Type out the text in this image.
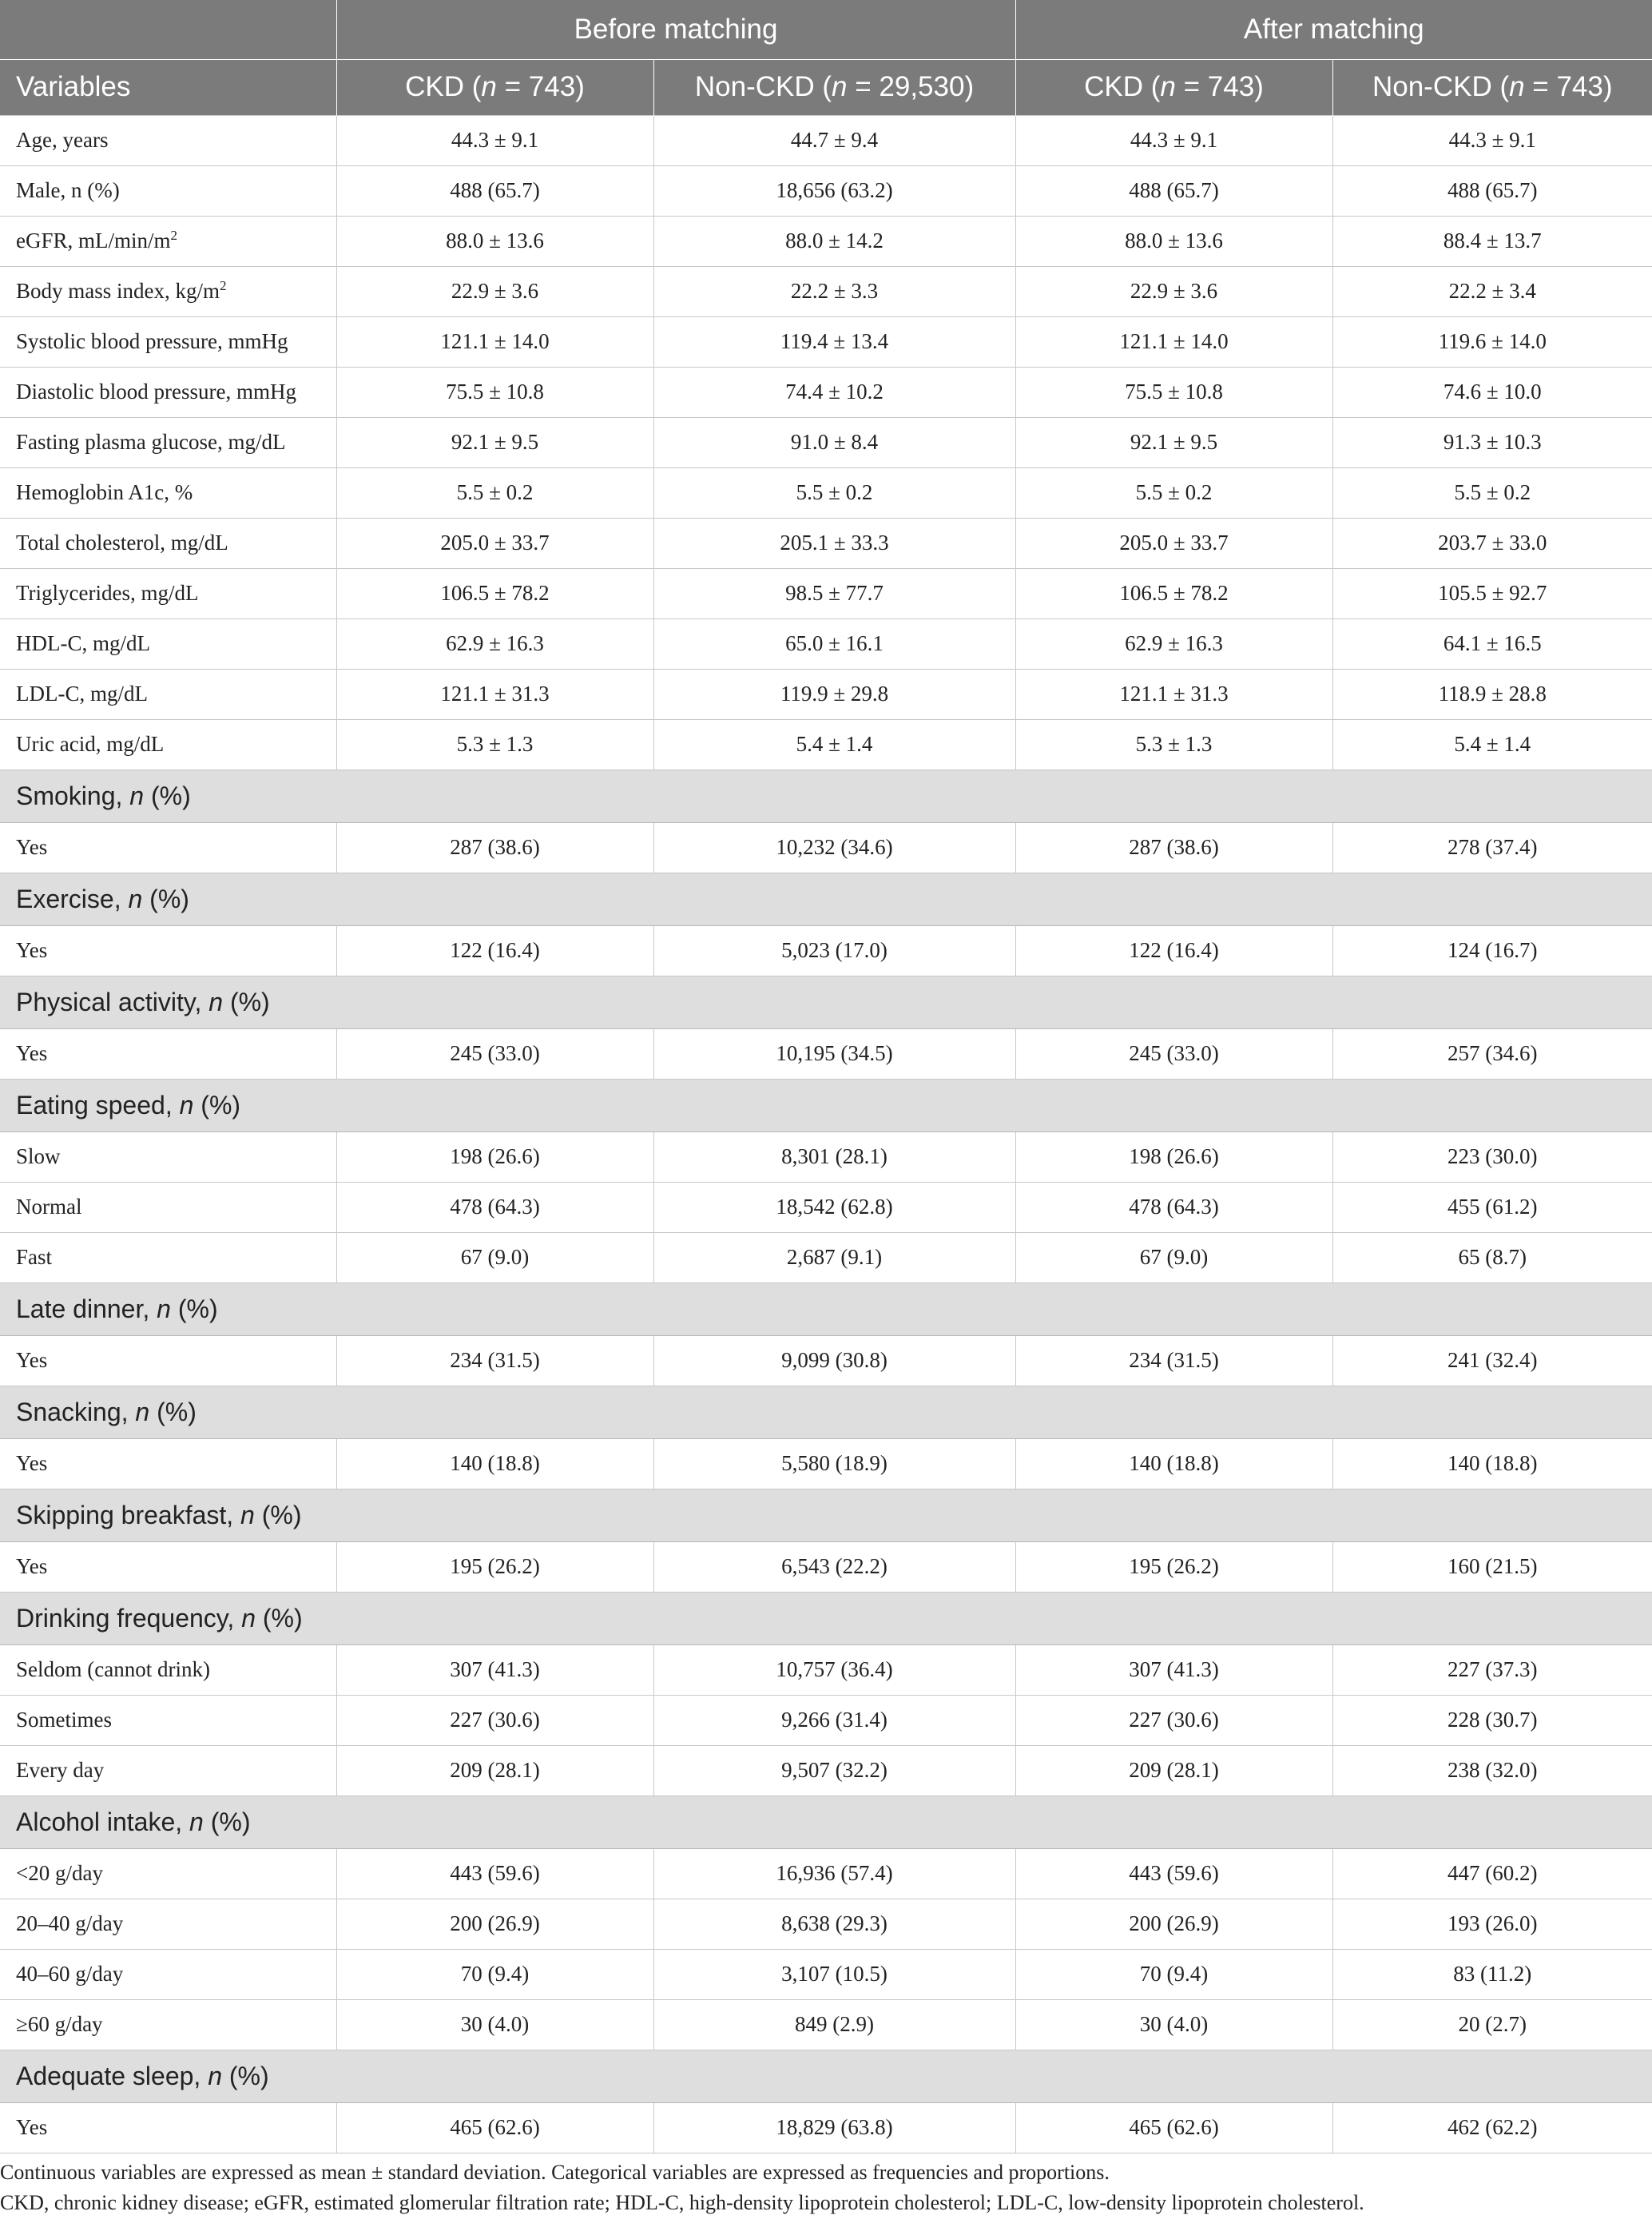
	Before matching		After matching	
Variables	CKD (n = 743)	Non-CKD (n = 29,530)	CKD (n = 743)	Non-CKD (n = 743)
Age, years	44.3 ± 9.1	44.7 ± 9.4	44.3 ± 9.1	44.3 ± 9.1
Male, n (%)	488 (65.7)	18,656 (63.2)	488 (65.7)	488 (65.7)
eGFR, $mL/\min/m^2$	88.0 ± 13.6	88.0 ± 14.2	88.0 ± 13.6	88.4 ± 13.7
Body mass index, $kg/m^2$	22.9 ± 3.6	22.2 ± 3.3	22.9 ± 3.6	22.2 ± 3.4
Systolic blood pressure, mmHg	121.1 ± 14.0	119.4 ± 13.4	121.1 ± 14.0	119.6 ± 14.0
Diastolic blood pressure, mmHg	75.5 ± 10.8	74.4 ± 10.2	75.5 ± 10.8	74.6 ± 10.0
Fasting plasma glucose, mg/dL	92.1 ± 9.5	91.0 ± 8.4	92.1 ± 9.5	91.3 ± 10.3
Hemoglobin A1c, %	5.5 ± 0.2	5.5 ± 0.2	5.5 ± 0.2	5.5 ± 0.2
Total cholesterol, mg/dL	205.0 ± 33.7	205.1 ± 33.3	205.0 ± 33.7	203.7 ± 33.0
Triglycerides, mg/dL	106.5 ± 78.2	98.5 ± 77.7	106.5 ± 78.2	105.5 ± 92.7
HDL-C, mg/dL	62.9 ± 16.3	65.0 ± 16.1	62.9 ± 16.3	64.1 ± 16.5
LDL-C, mg/dL	121.1 ± 31.3	119.9 ± 29.8	121.1 ± 31.3	118.9 ± 28.8
Uric acid, mg/dL	5.3 ± 1.3	5.4 ± 1.4	5.3 ± 1.3	5.4 ± 1.4
Smoking, n (%)				
Yes	287 (38.6)	10,232 (34.6)	287 (38.6)	278 (37.4)
Exercise, n (%)				
Yes	122 (16.4)	5,023 (17.0)	122 (16.4)	124 (16.7)
Physical activity, n (%)				
Yes	245 (33.0)	10,195 (34.5)	245 (33.0)	257 (34.6)
Eating speed, n (%)				
Slow	198 (26.6)	8,301 (28.1)	198 (26.6)	223 (30.0)
Normal	478 (64.3)	18,542 (62.8)	478 (64.3)	455 (61.2)
Fast	67 (9.0)	2,687 (9.1)	67 (9.0)	65 (8.7)
Late dinner, n (%)				
Yes	234 (31.5)	9,099 (30.8)	234 (31.5)	241 (32.4)
Snacking, n (%)				
Yes	140 (18.8)	5,580 (18.9)	140 (18.8)	140 (18.8)
Skipping breakfast, n (%)				
Yes	195 (26.2)	6,543 (22.2)	195 (26.2)	160 (21.5)
Drinking frequency, n (%)				
Seldom (cannot drink)	307 (41.3)	10,757 (36.4)	307 (41.3)	227 (37.3)
Sometimes	227 (30.6)	9,266 (31.4)	227 (30.6)	228 (30.7)
Every day	209 (28.1)	9,507 (32.2)	209 (28.1)	238 (32.0)
Alcohol intake, n (%)				
<20 g/day	443 (59.6)	16,936 (57.4)	443 (59.6)	447 (60.2)
20–40 g/day	200 (26.9)	8,638 (29.3)	200 (26.9)	193 (26.0)
40–60 g/day	70 (9.4)	3,107 (10.5)	70 (9.4)	83 (11.2)
≥60 g/day	30 (4.0)	849 (2.9)	30 (4.0)	20 (2.7)
Adequate sleep, n (%)				
Yes	465 (62.6)	18,829 (63.8)	465 (62.6)	462 (62.2)
Continuous variables are expressed as mean ± standard deviation. Categorical variables are expressed as frequencies and proportions.
CKD, chronic kidney disease; eGFR, estimated glomerular filtration rate; HDL-C, high-density lipoprotein cholesterol; LDL-C, low-density lipoprotein cholesterol.
